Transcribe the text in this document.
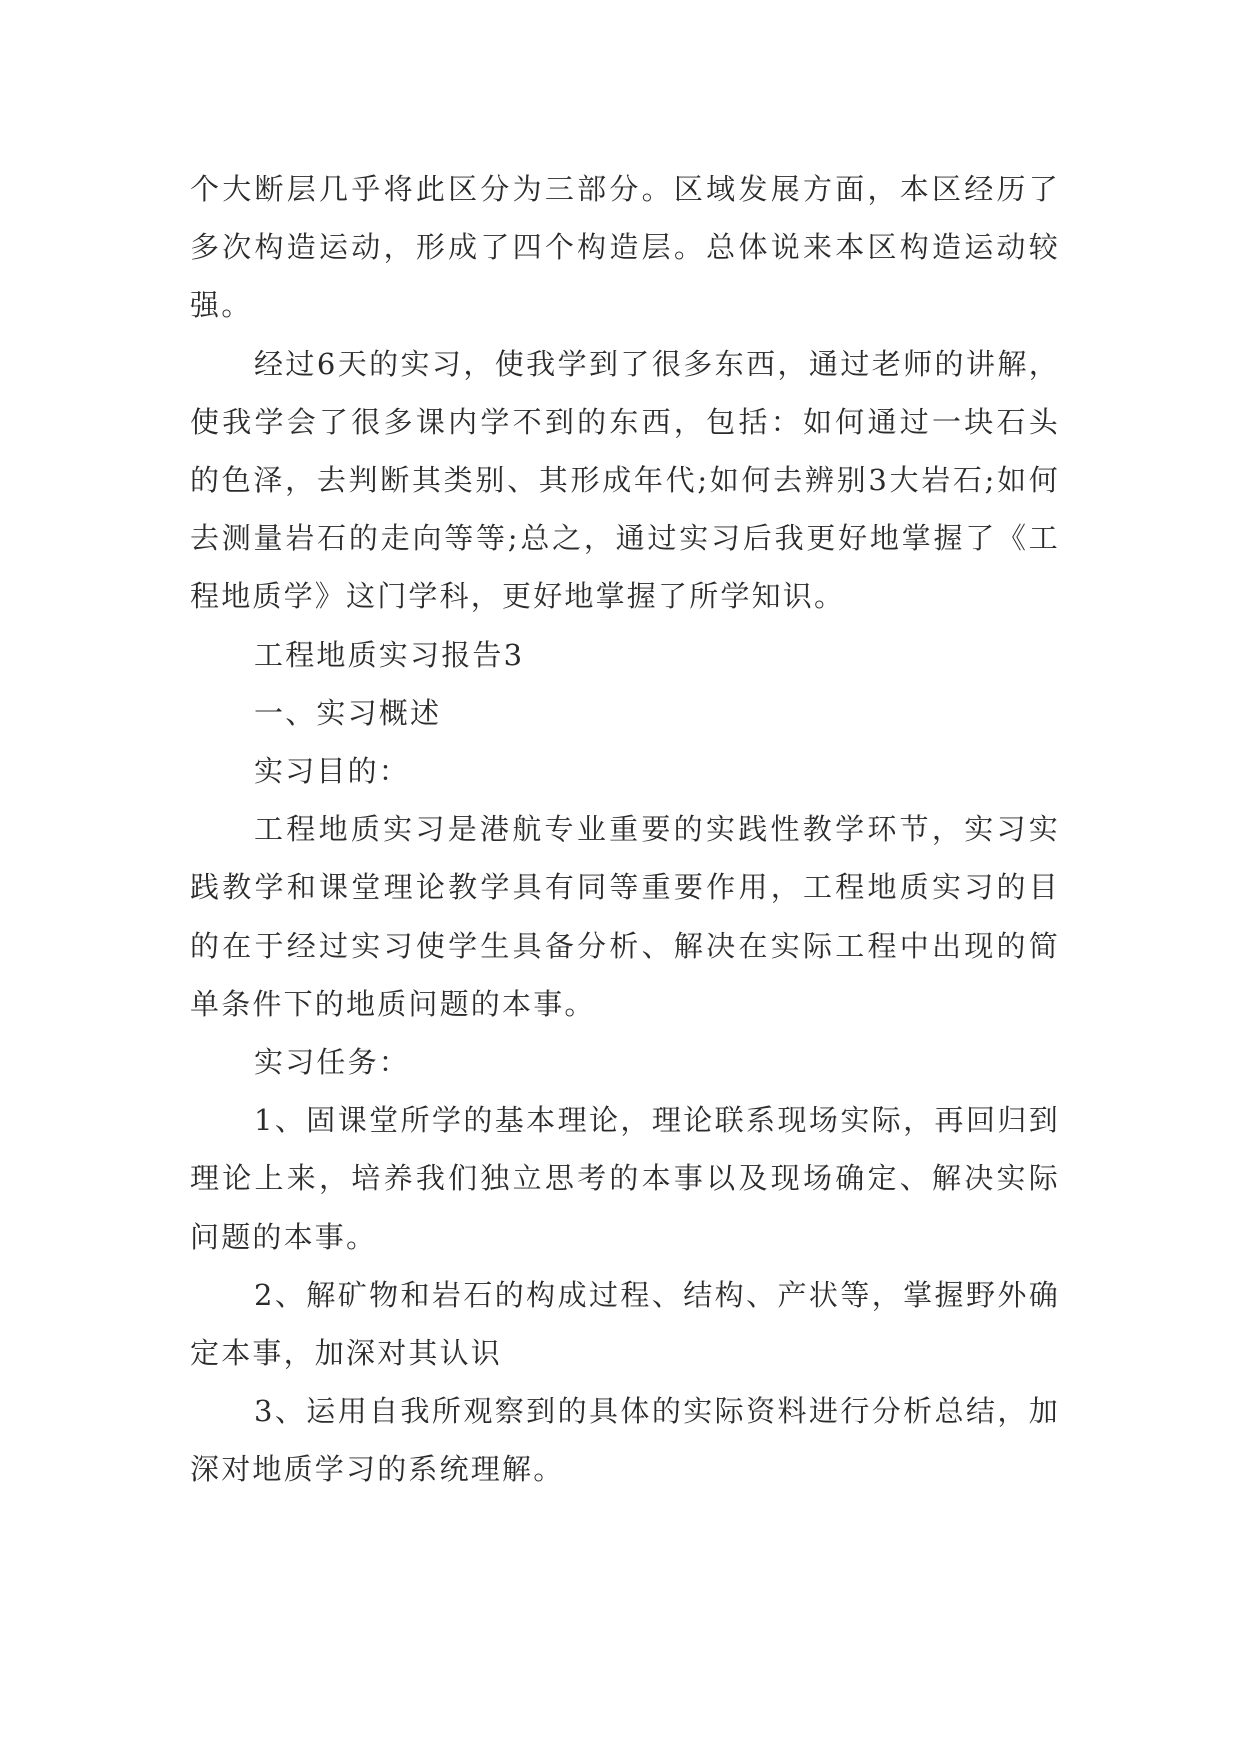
个大断层几乎将此区分为三部分。区域发展方面，本区经历了多次构造运动，形成了四个构造层。总体说来本区构造运动较强。

经过6天的实习，使我学到了很多东西，通过老师的讲解，使我学会了很多课内学不到的东西，包括：如何通过一块石头的色泽，去判断其类别、其形成年代;如何去辨别3大岩石;如何去测量岩石的走向等等;总之，通过实习后我更好地掌握了《工程地质学》这门学科，更好地掌握了所学知识。

工程地质实习报告3

一、实习概述

实习目的：

工程地质实习是港航专业重要的实践性教学环节，实习实践教学和课堂理论教学具有同等重要作用，工程地质实习的目的在于经过实习使学生具备分析、解决在实际工程中出现的简单条件下的地质问题的本事。

实习任务：

1、固课堂所学的基本理论，理论联系现场实际，再回归到理论上来，培养我们独立思考的本事以及现场确定、解决实际问题的本事。

2、解矿物和岩石的构成过程、结构、产状等，掌握野外确定本事，加深对其认识

3、运用自我所观察到的具体的实际资料进行分析总结，加深对地质学习的系统理解。
